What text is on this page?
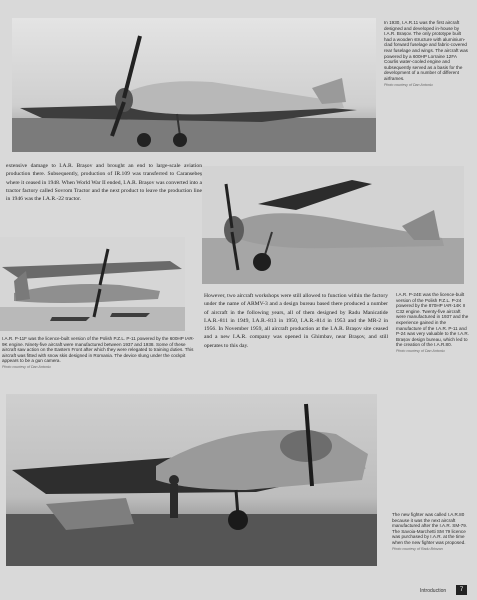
In 1930, I.A.R.11 was the first aircraft designed and developed in-house by I.A.R. Brașov. The only prototype built had a wooden structure with aluminium-clad forward fuselage and fabric-covered rear fuselage and wings. The aircraft was powered by a 600HP Lorraine 12FA Courlis water-cooled engine and subsequently served as a basis for the development of a number of different airframes.
Photo courtesy of Dan Antoniu
extensive damage to I.A.R. Brașov and brought an end to large-scale aviation production there. Subsequently, production of IR.109 was transferred to Caransebeș where it ceased in 1948. When World War II ended, I.A.R. Brașov was converted into a tractor factory called Sovrom Tractor and the next product to leave the production line in 1946 was the I.A.R.-22 tractor.
I.A.R. P-11F was the licence-built version of the Polish P.Z.L. P-11 powered by the 600HP IAR-9K engine. Ninety-five aircraft were manufactured between 1937 and 1938. Some of these aircraft saw action on the Eastern Front after which they were relegated to training duties. This aircraft was fitted with snow skis designed in Romania. The device slung under the cockpit appears to be a gun camera.
Photo courtesy of Dan Antoniu
However, two aircraft workshops were still allowed to function within the factory under the name of ARMV-3 and a design bureau based there produced a number of aircraft in the following years, all of them designed by Radu Manicatide I.A.R.-811 in 1949, I.A.R.-813 in 1950, I.A.R.-814 in 1953 and the MR-2 in 1956. In November 1959, all aircraft production at the I.A.R. Brașov site ceased and a new I.A.R. company was opened in Ghimbav, near Brașov, and still operates to this day.
I.A.R. P-24E was the licence-built version of the Polish P.Z.L. P-24 powered by the 870HP IAR-14K II C32 engine. Twenty-five aircraft were manufactured in 1937 and the experience gained in the manufacture of the I.A.R. P-11 and P-24 was very valuable to the I.A.R. Brașov design bureau, which led to the creation of the I.A.R.80.
Photo courtesy of Dan Antoniu
The new fighter was called I.A.R.80 because it was the next aircraft manufactured after the I.A.R. SM-79. The Savoia-Marchetti SM 79 licence was purchased by I.A.R. at the time when the new fighter was proposed.
Photo courtesy of Radu Brinzan
Introduction	7
